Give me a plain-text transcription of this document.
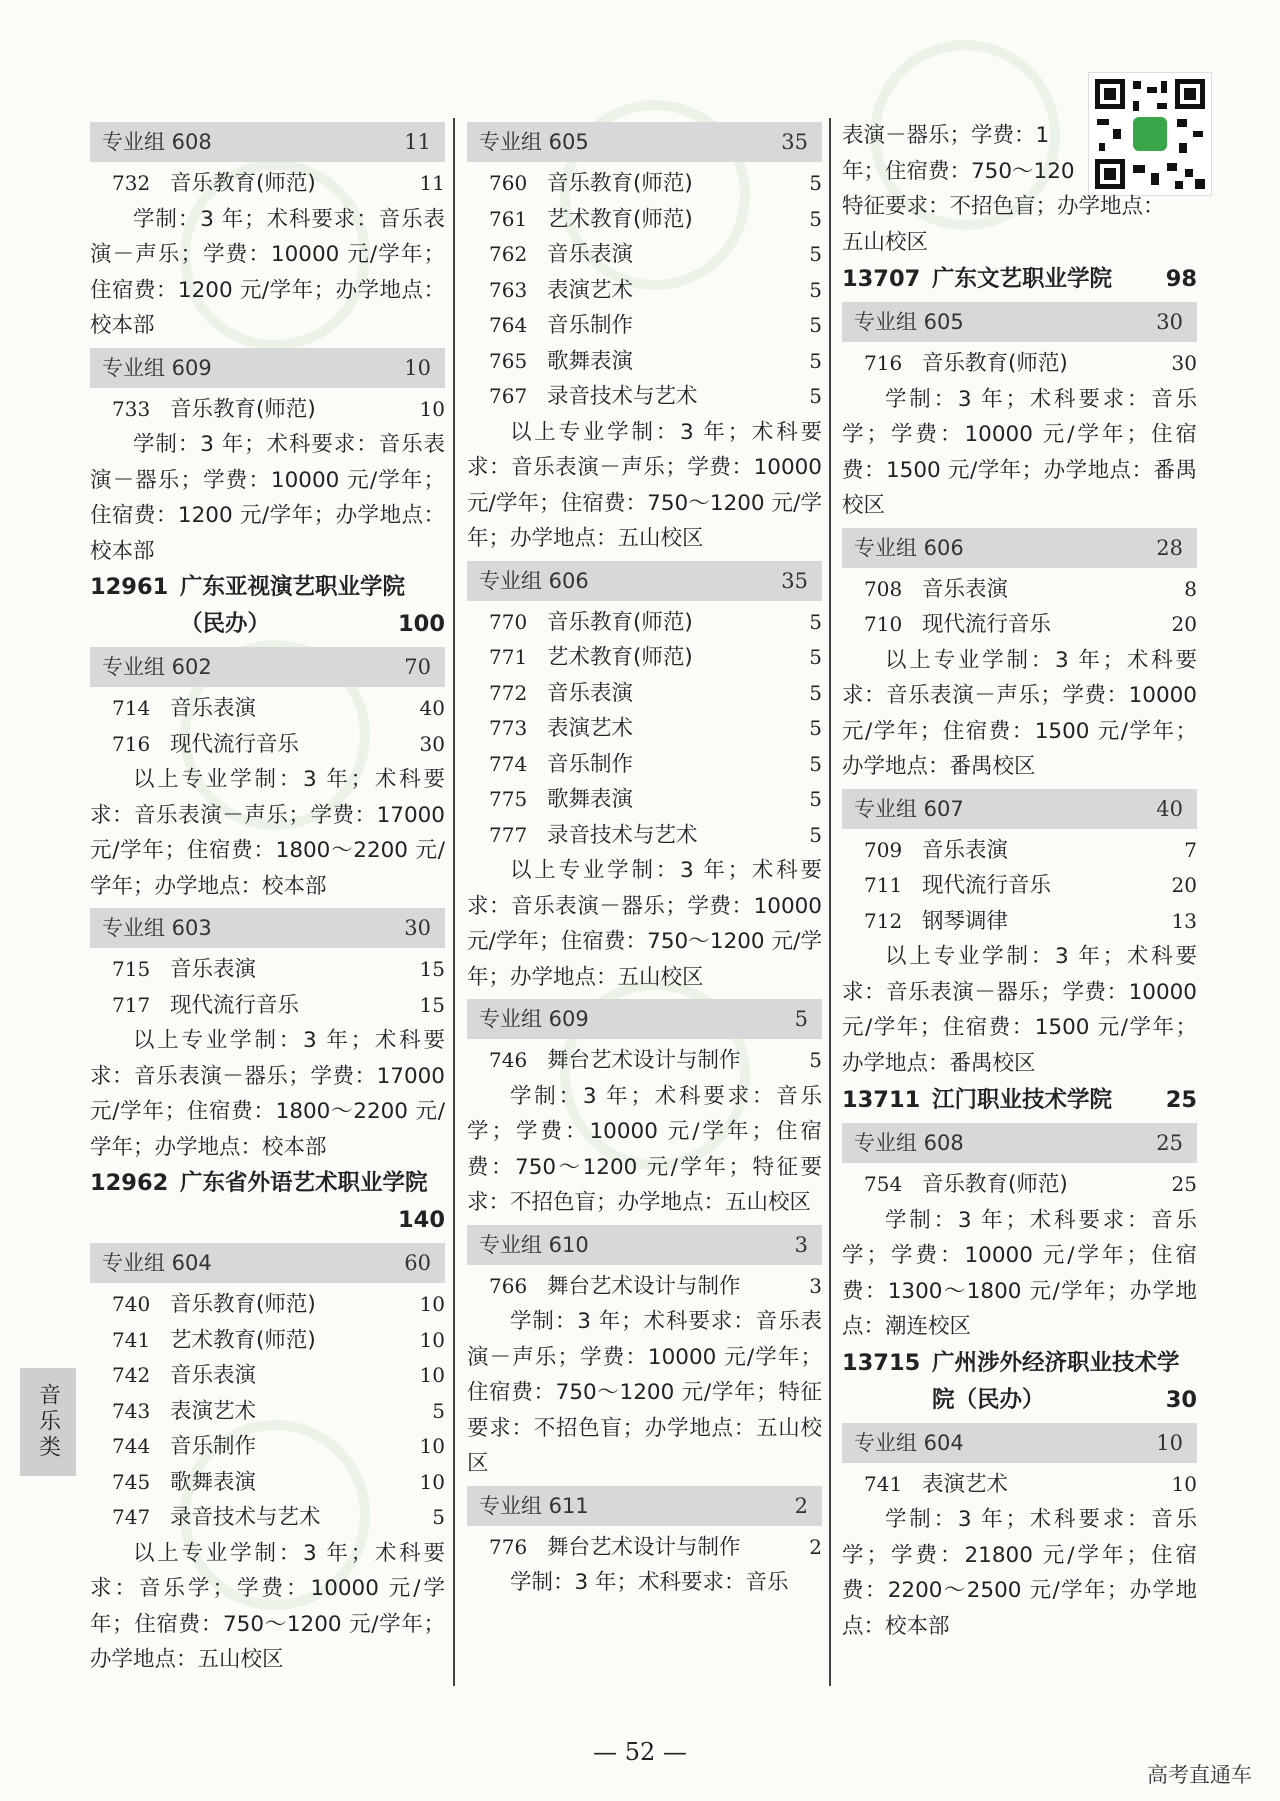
专业组 608	11
732 音乐教育(师范)	11

学制：3 年；术科要求：音乐表演－声乐；学费：10000 元/学年；住宿费：1200 元/学年；办学地点：校本部

专业组 609	10
733 音乐教育(师范)	10

学制：3 年；术科要求：音乐表演－器乐；学费：10000 元/学年；住宿费：1200 元/学年；办学地点：校本部

12961 广东亚视演艺职业学院
（民办）	100
专业组 602	70
714 音乐表演	40
716 现代流行音乐	30

以上专业学制：3 年；术科要求：音乐表演－声乐；学费：17000 元/学年；住宿费：1800～2200 元/学年；办学地点：校本部

专业组 603	30
715 音乐表演	15
717 现代流行音乐	15

以上专业学制：3 年；术科要求：音乐表演－器乐；学费：17000 元/学年；住宿费：1800～2200 元/学年；办学地点：校本部

12962 广东省外语艺术职业学院
140
专业组 604	60
740 音乐教育(师范)	10
741 艺术教育(师范)	10
742 音乐表演	10
743 表演艺术	5
744 音乐制作	10
745 歌舞表演	10
747 录音技术与艺术	5

以上专业学制：3 年；术科要求：音乐学；学费：10000 元/学年；住宿费：750～1200 元/学年；办学地点：五山校区

专业组 605	35
760 音乐教育(师范)	5
761 艺术教育(师范)	5
762 音乐表演	5
763 表演艺术	5
764 音乐制作	5
765 歌舞表演	5
767 录音技术与艺术	5

以上专业学制：3 年；术科要求：音乐表演－声乐；学费：10000 元/学年；住宿费：750～1200 元/学年；办学地点：五山校区

专业组 606	35
770 音乐教育(师范)	5
771 艺术教育(师范)	5
772 音乐表演	5
773 表演艺术	5
774 音乐制作	5
775 歌舞表演	5
777 录音技术与艺术	5

以上专业学制：3 年；术科要求：音乐表演－器乐；学费：10000 元/学年；住宿费：750～1200 元/学年；办学地点：五山校区

专业组 609	5
746 舞台艺术设计与制作	5

学制：3 年；术科要求：音乐学；学费：10000 元/学年；住宿费：750～1200 元/学年；特征要求：不招色盲；办学地点：五山校区

专业组 610	3
766 舞台艺术设计与制作	3

学制：3 年；术科要求：音乐表演－声乐；学费：10000 元/学年；住宿费：750～1200 元/学年；特征要求：不招色盲；办学地点：五山校区

专业组 611	2
776 舞台艺术设计与制作	2

学制：3 年；术科要求：音乐

表演－器乐；学费：1

年；住宿费：750～120

特征要求：不招色盲；办学地点：

五山校区

13707 广东文艺职业学院	98
专业组 605	30
716 音乐教育(师范)	30

学制：3 年；术科要求：音乐学；学费：10000 元/学年；住宿费：1500 元/学年；办学地点：番禺校区

专业组 606	28
708 音乐表演	8
710 现代流行音乐	20

以上专业学制：3 年；术科要求：音乐表演－声乐；学费：10000 元/学年；住宿费：1500 元/学年；办学地点：番禺校区

专业组 607	40
709 音乐表演	7
711 现代流行音乐	20
712 钢琴调律	13

以上专业学制：3 年；术科要求：音乐表演－器乐；学费：10000 元/学年；住宿费：1500 元/学年；办学地点：番禺校区

13711 江门职业技术学院	25
专业组 608	25
754 音乐教育(师范)	25

学制：3 年；术科要求：音乐学；学费：10000 元/学年；住宿费：1300～1800 元/学年；办学地点：潮连校区

13715 广州涉外经济职业技术学
院（民办）	30
专业组 604	10
741 表演艺术	10

学制：3 年；术科要求：音乐学；学费：21800 元/学年；住宿费：2200～2500 元/学年；办学地点：校本部

音乐类
— 52 —
高考直通车
